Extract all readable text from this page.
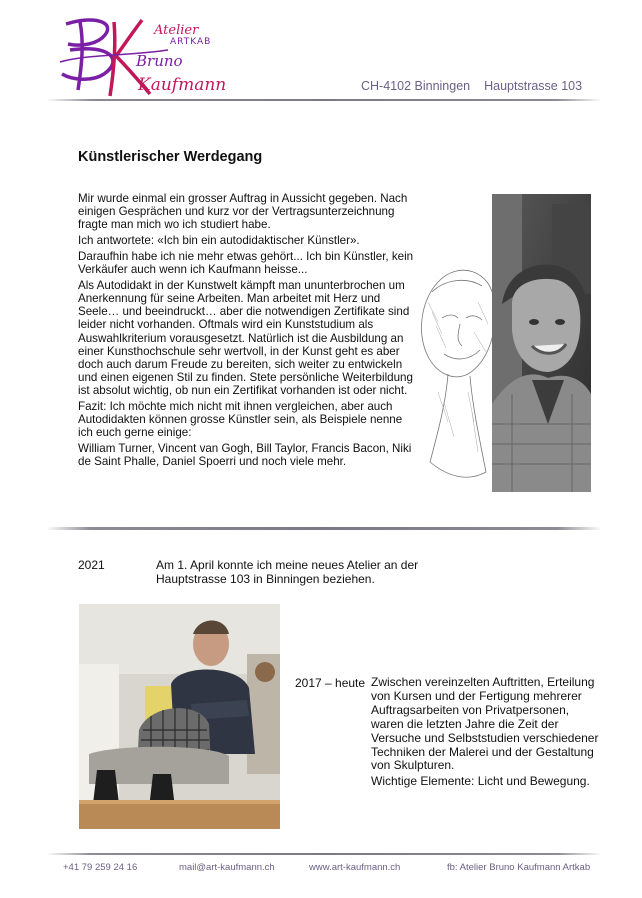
Atelier
ARTKAB
Bruno
Kaufmann	CH-4102 Binningen Hauptstrasse 103
Künstlerischer Werdegang

Mir wurde einmal ein grosser Auftrag in Aussicht gegeben. Nach einigen Gesprächen und kurz vor der Vertragsunterzeichnung fragte man mich wo ich studiert habe.

Ich antwortete: «Ich bin ein autodidaktischer Künstler».

Daraufhin habe ich nie mehr etwas gehört... Ich bin Künstler, kein Verkäufer auch wenn ich Kaufmann heisse...

Als Autodidakt in der Kunstwelt kämpft man ununterbrochen um Anerkennung für seine Arbeiten. Man arbeitet mit Herz und Seele… und beeindruckt… aber die notwendigen Zertifikate sind leider nicht vorhanden. Oftmals wird ein Kunststudium als Auswahlkriterium vorausgesetzt. Natürlich ist die Ausbildung an einer Kunsthochschule sehr wertvoll, in der Kunst geht es aber doch auch darum Freude zu bereiten, sich weiter zu entwickeln und einen eigenen Stil zu finden. Stete persönliche Weiterbildung ist absolut wichtig, ob nun ein Zertifikat vorhanden ist oder nicht.

Fazit: Ich möchte mich nicht mit ihnen vergleichen, aber auch Autodidakten können grosse Künstler sein, als Beispiele nenne ich euch gerne einige:

William Turner, Vincent van Gogh, Bill Taylor, Francis Bacon, Niki de Saint Phalle, Daniel Spoerri und noch viele mehr.

2021	Am 1. April konnte ich meine neues Atelier an der Hauptstrasse 103 in Binningen beziehen.
2017 – heute Zwischen vereinzelten Auftritten, Erteilung von Kursen und der Fertigung mehrerer Auftragsarbeiten von Privatpersonen, waren die letzten Jahre die Zeit der Versuche und Selbststudien verschiedener Techniken der Malerei und der Gestaltung von Skulpturen.

Wichtige Elemente: Licht und Bewegung.

+41 79 259 24 16	mail@art-kaufmann.ch	www.art-kaufmann.ch	fb: Atelier Bruno Kaufmann Artkab
